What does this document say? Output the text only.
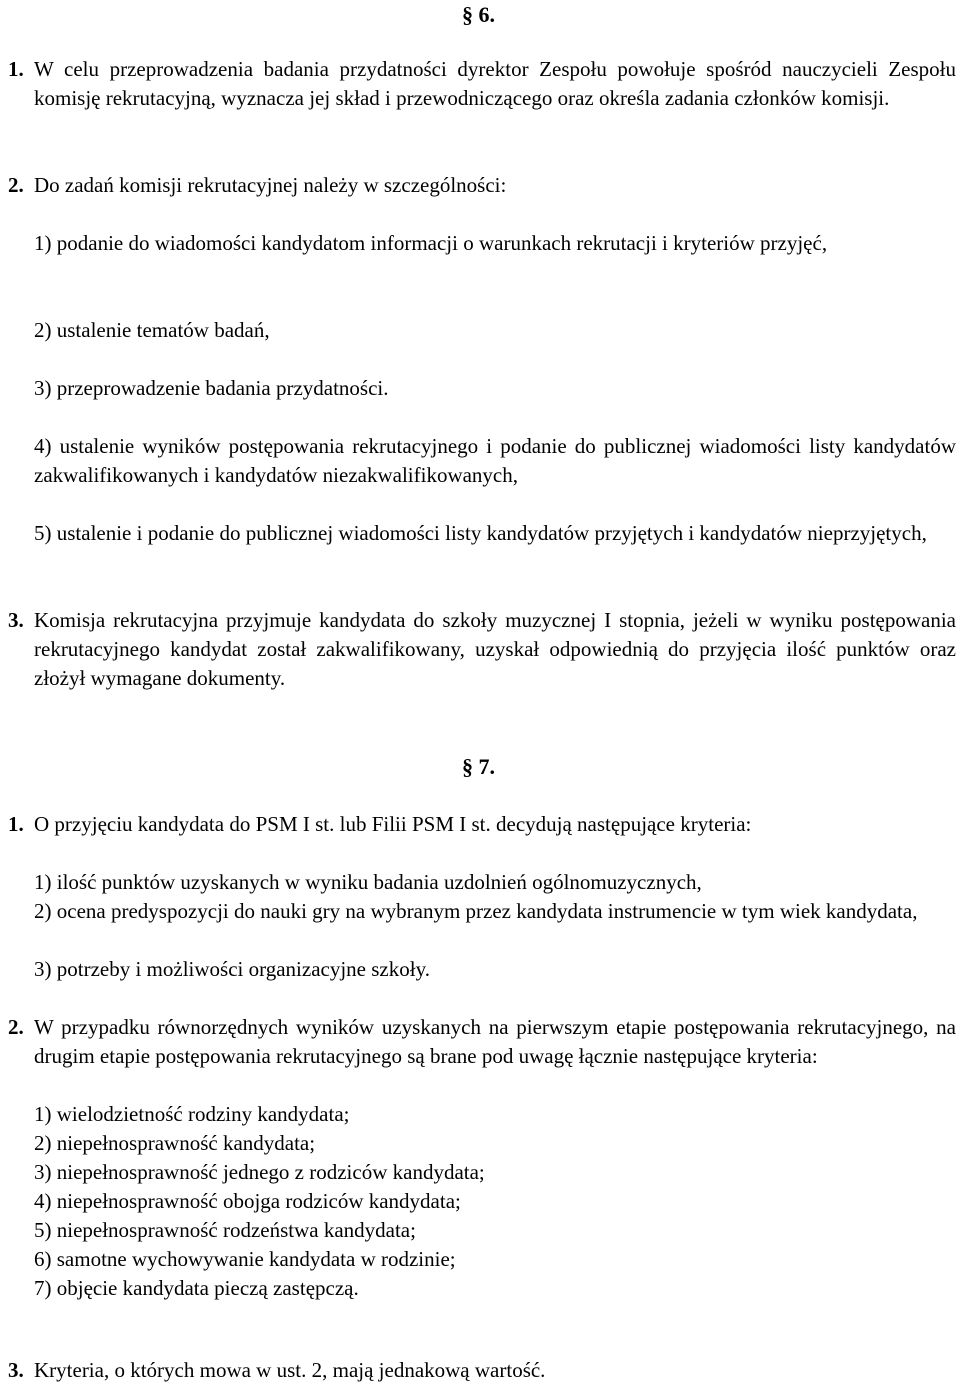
§ 6.
1. W celu przeprowadzenia badania przydatności dyrektor Zespołu powołuje spośród nauczycieli Zespołu komisję rekrutacyjną, wyznacza jej skład i przewodniczącego oraz określa zadania członków komisji.
2. Do zadań komisji rekrutacyjnej należy w szczególności:
1) podanie do wiadomości kandydatom informacji o warunkach rekrutacji i kryteriów przyjęć,
2) ustalenie tematów badań,
3) przeprowadzenie badania przydatności.
4) ustalenie wyników postępowania rekrutacyjnego i podanie do publicznej wiadomości listy kandydatów zakwalifikowanych i kandydatów niezakwalifikowanych,
5) ustalenie i podanie do publicznej wiadomości listy kandydatów przyjętych i kandydatów nieprzyjętych,
3. Komisja rekrutacyjna przyjmuje kandydata do szkoły muzycznej I stopnia, jeżeli w wyniku postępowania rekrutacyjnego kandydat został zakwalifikowany, uzyskał odpowiednią do przyjęcia ilość punktów oraz złożył wymagane dokumenty.
§ 7.
1. O przyjęciu kandydata do PSM I st. lub Filii PSM I st. decydują następujące kryteria:
1) ilość punktów uzyskanych w wyniku badania uzdolnień ogólnomuzycznych,
2) ocena predyspozycji do nauki gry na wybranym przez kandydata instrumencie w tym wiek kandydata,
3) potrzeby i możliwości organizacyjne szkoły.
2. W przypadku równorzędnych wyników uzyskanych na pierwszym etapie postępowania rekrutacyjnego, na drugim etapie postępowania rekrutacyjnego są brane pod uwagę łącznie następujące kryteria:
1) wielodzietność rodziny kandydata;
2) niepełnosprawność kandydata;
3) niepełnosprawność jednego z rodziców kandydata;
4) niepełnosprawność obojga rodziców kandydata;
5) niepełnosprawność rodzeństwa kandydata;
6) samotne wychowywanie kandydata w rodzinie;
7) objęcie kandydata pieczą zastępczą.
3. Kryteria, o których mowa w ust. 2, mają jednakową wartość.
